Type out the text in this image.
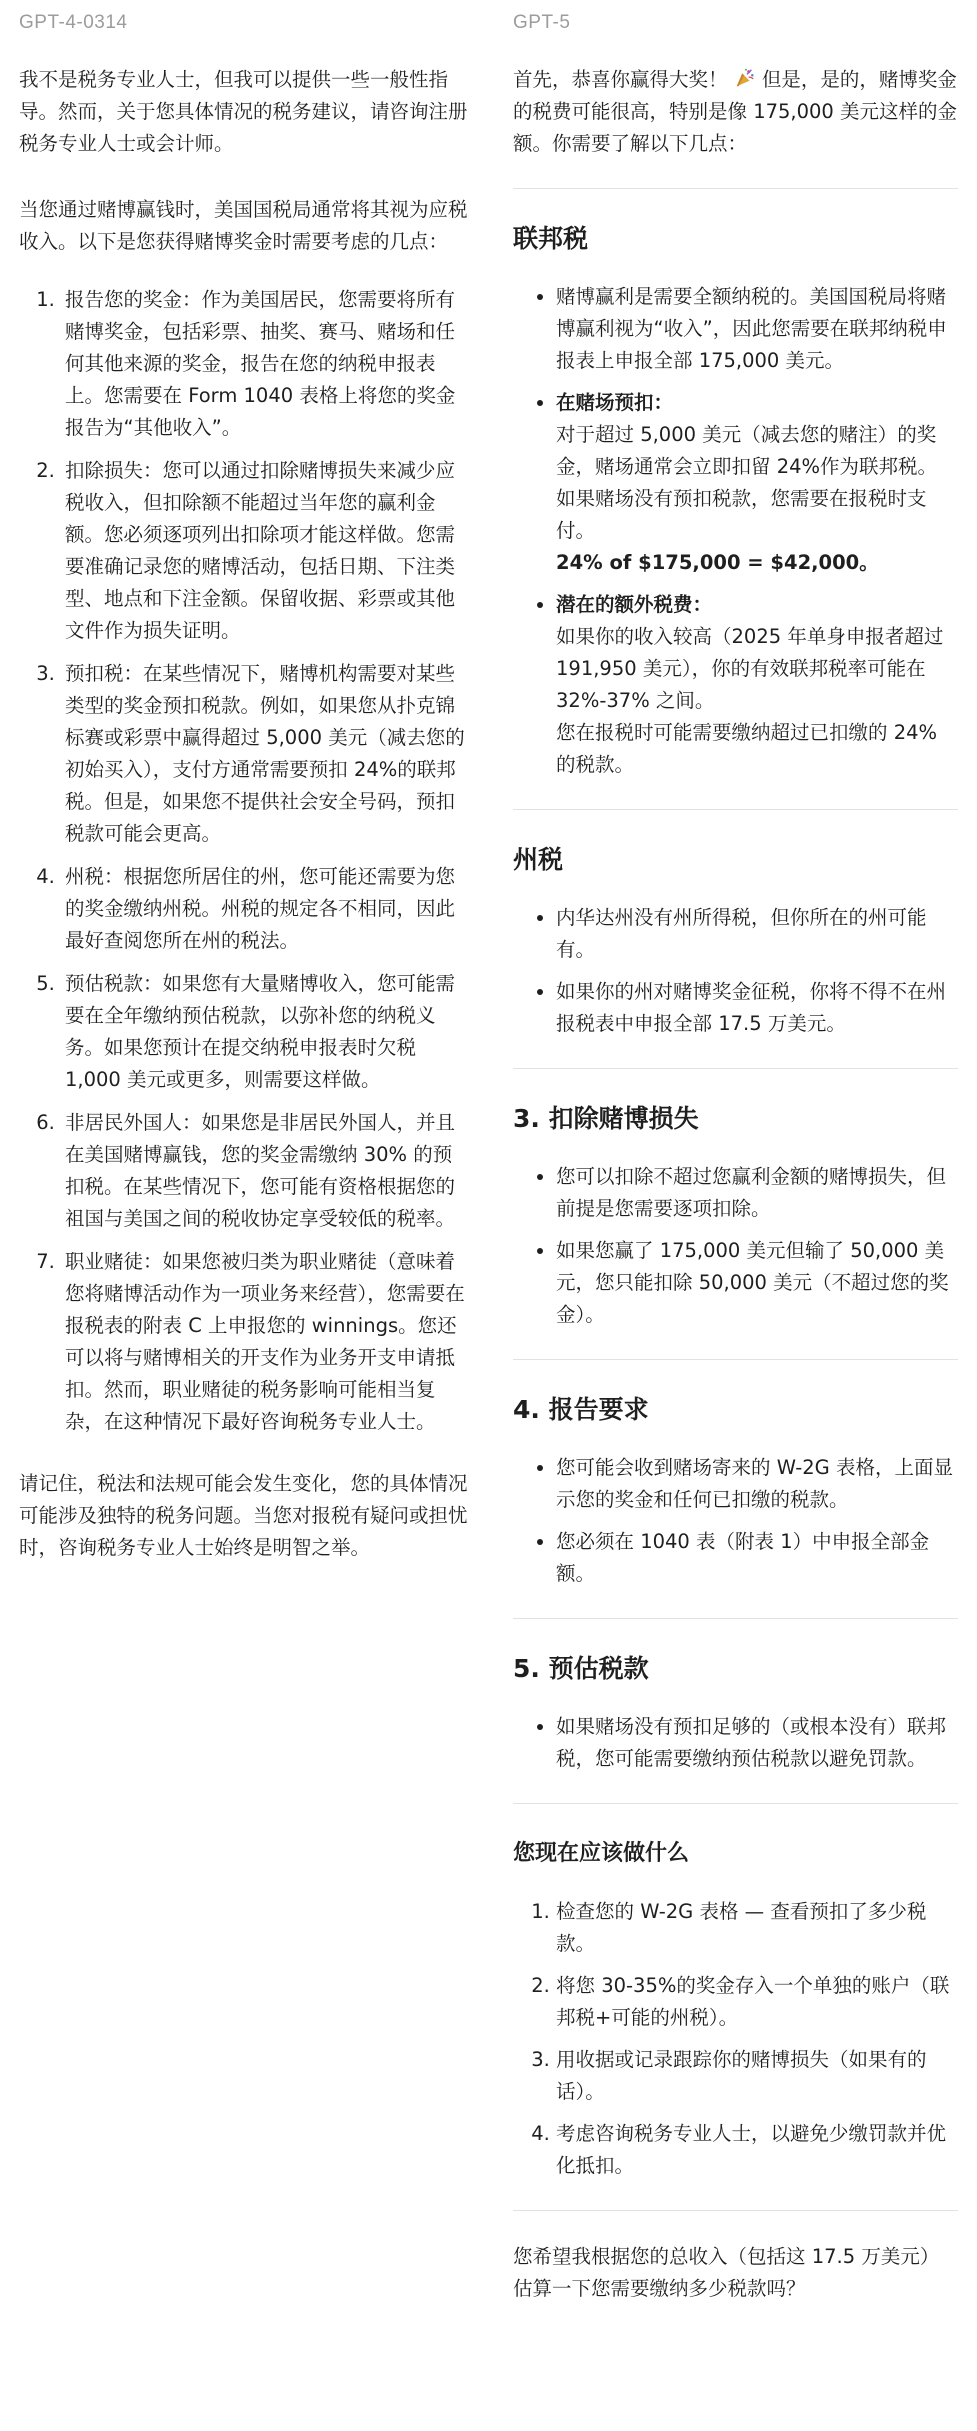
GPT-4-0314

我不是税务专业人士，但我可以提供一些一般性指导。然而，关于您具体情况的税务建议，请咨询注册税务专业人士或会计师。

当您通过赌博赢钱时，美国国税局通常将其视为应税收入。以下是您获得赌博奖金时需要考虑的几点：

1. 报告您的奖金：作为美国居民，您需要将所有赌博奖金，包括彩票、抽奖、赛马、赌场和任何其他来源的奖金，报告在您的纳税申报表上。您需要在 Form 1040 表格上将您的奖金报告为“其他收入”。
2. 扣除损失：您可以通过扣除赌博损失来减少应税收入，但扣除额不能超过当年您的赢利金额。您必须逐项列出扣除项才能这样做。您需要准确记录您的赌博活动，包括日期、下注类型、地点和下注金额。保留收据、彩票或其他文件作为损失证明。
3. 预扣税：在某些情况下，赌博机构需要对某些类型的奖金预扣税款。例如，如果您从扑克锦标赛或彩票中赢得超过 5,000 美元（减去您的初始买入），支付方通常需要预扣 24%的联邦税。但是，如果您不提供社会安全号码，预扣税款可能会更高。
4. 州税：根据您所居住的州，您可能还需要为您的奖金缴纳州税。州税的规定各不相同，因此最好查阅您所在州的税法。
5. 预估税款：如果您有大量赌博收入，您可能需要在全年缴纳预估税款，以弥补您的纳税义务。如果您预计在提交纳税申报表时欠税 1,000 美元或更多，则需要这样做。
6. 非居民外国人：如果您是非居民外国人，并且在美国赌博赢钱，您的奖金需缴纳 30% 的预扣税。在某些情况下，您可能有资格根据您的祖国与美国之间的税收协定享受较低的税率。
7. 职业赌徒：如果您被归类为职业赌徒（意味着您将赌博活动作为一项业务来经营），您需要在报税表的附表 C 上申报您的 winnings。您还可以将与赌博相关的开支作为业务开支申请抵扣。然而，职业赌徒的税务影响可能相当复杂，在这种情况下最好咨询税务专业人士。

请记住，税法和法规可能会发生变化，您的具体情况可能涉及独特的税务问题。当您对报税有疑问或担忧时，咨询税务专业人士始终是明智之举。

GPT-5

首先，恭喜你赢得大奖！  但是，是的，赌博奖金的税费可能很高，特别是像 175,000 美元这样的金额。你需要了解以下几点：

联邦税
• 赌博赢利是需要全额纳税的。美国国税局将赌博赢利视为“收入”，因此您需要在联邦纳税申报表上申报全部 175,000 美元。
• 在赌场预扣：
对于超过 5,000 美元（减去您的赌注）的奖金，赌场通常会立即扣留 24%作为联邦税。
如果赌场没有预扣税款，您需要在报税时支付。
24% of $175,000 = $42,000。
• 潜在的额外税费：
如果你的收入较高（2025 年单身申报者超过 191,950 美元），你的有效联邦税率可能在 32%-37% 之间。
您在报税时可能需要缴纳超过已扣缴的 24% 的税款。
州税
• 内华达州没有州所得税，但你所在的州可能有。
• 如果你的州对赌博奖金征税，你将不得不在州报税表中申报全部 17.5 万美元。
3. 扣除赌博损失
• 您可以扣除不超过您赢利金额的赌博损失，但前提是您需要逐项扣除。
• 如果您赢了 175,000 美元但输了 50,000 美元，您只能扣除 50,000 美元（不超过您的奖金）。
4. 报告要求
• 您可能会收到赌场寄来的 W-2G 表格，上面显示您的奖金和任何已扣缴的税款。
• 您必须在 1040 表（附表 1）中申报全部金额。
5. 预估税款
• 如果赌场没有预扣足够的（或根本没有）联邦税，您可能需要缴纳预估税款以避免罚款。
您现在应该做什么
1. 检查您的 W-2G 表格 — 查看预扣了多少税款。
2. 将您 30-35%的奖金存入一个单独的账户（联邦税+可能的州税）。
3. 用收据或记录跟踪你的赌博损失（如果有的话）。
4. 考虑咨询税务专业人士，以避免少缴罚款并优化抵扣。

您希望我根据您的总收入（包括这 17.5 万美元）估算一下您需要缴纳多少税款吗？
